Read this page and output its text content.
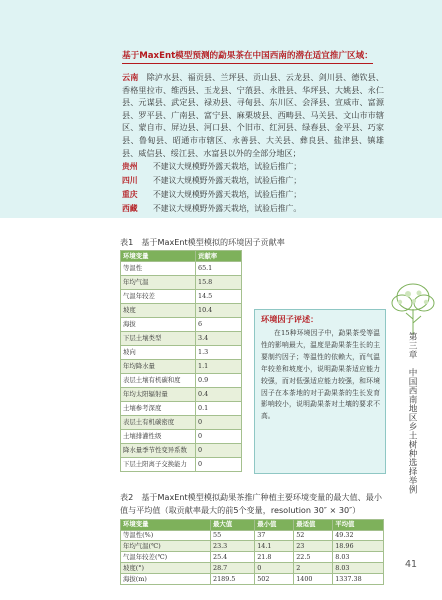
基于MaxEnt模型预测的勐果茶在中国西南的潜在适宜推广区域：
云南　 除泸水县、福贡县、兰坪县、贡山县、云龙县、剑川县、德钦县、香格里拉市、维西县、玉龙县、宁蒗县、永胜县、华坪县、大姚县、永仁县、元谋县、武定县、禄劝县、寻甸县、东川区、会泽县、宣威市、富源县、罗平县、广南县、富宁县、麻栗坡县、西畴县、马关县、文山市市辖区、蒙自市、屏边县、河口县、个旧市、红河县、绿春县、金平县、巧家县、鲁甸县、昭通市市辖区、永善县、大关县、彝良县、盐津县、镇雄县、威信县、绥江县、水富县以外的全部分地区；
贵州 不建议大规模野外露天栽培，试验后推广；
四川 不建议大规模野外露天栽培，试验后推广；
重庆 不建议大规模野外露天栽培，试验后推广；
西藏 不建议大规模野外露天栽培，试验后推广。
表1　基于MaxEnt模型模拟的环境因子贡献率
环境变量	贡献率
等温性	65.1
年均气温	15.8
气温年较差	14.5
坡度	10.4
海拔	6
下层土壤类型	3.4
坡向	1.3
年均降水量	1.1
表层土壤有机碳和度	0.9
年均太阳辐射量	0.4
土壤参考深度	0.1
表层土有机碳密度	0
土壤排灌性级	0
降水量季节性变异系数	0
下层土阳离子交换能力	0
环境因子评述：
在15种环境因子中，勐果茶受等温性的影响最大，温度是勐果茶生长的主要制约因子；等温性的依赖大，而气温年较差和坡度小，说明勐果茶适应能力较强，而对低强适应能力较强，和环境因子在本茶地的对于勐果茶的生长发育影响较小，说明勐果茶对土壤的要求不高。
表2　基于MaxEnt模型模拟勐果茶推广种植主要环境变量的最大值、最小值与平均值（取贡献率最大的前5个变量，resolution 30″ × 30″）
环境变量	最大值	最小值	最适值	平均值
等温性(%)	55	37	52	49.32
年均气温(℃)	23.3	14.1	23	18.96
气温年较差(℃)	25.4	21.8	22.5	8.03
坡度(°)	28.7	0	2	8.03
海拔(m)	2189.5	502	1400	1337.38
第三章　中国西南地区乡土树种选择举例
41
